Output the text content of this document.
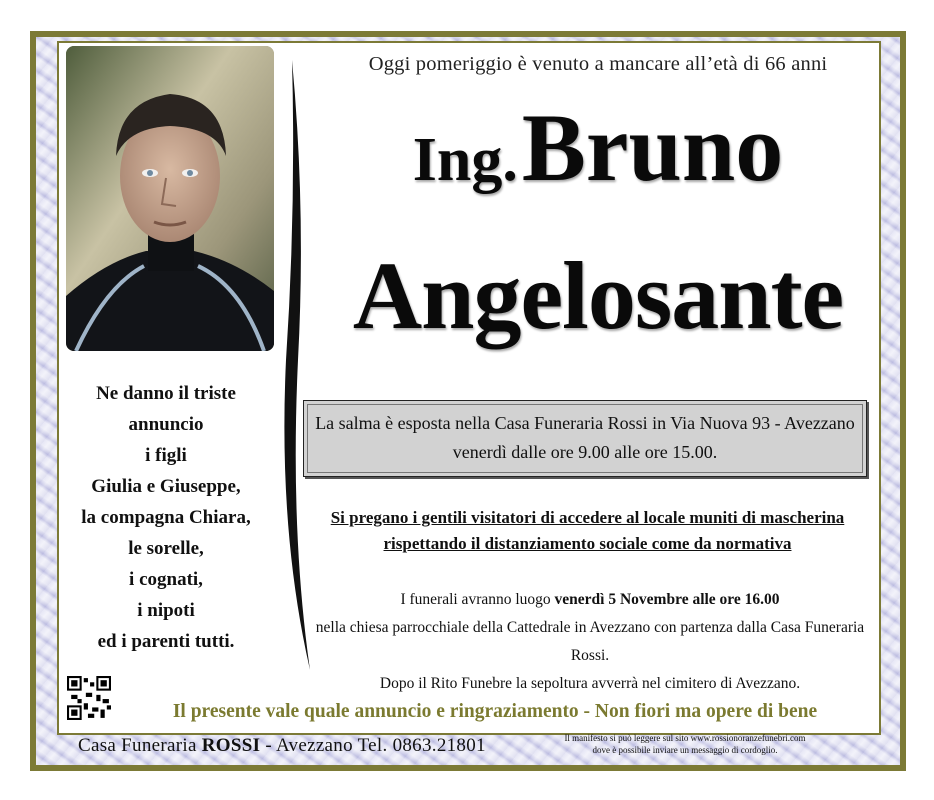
Oggi pomeriggio è venuto a mancare all’età di 66 anni
Ing. Bruno
Angelosante
Ne danno il triste
annuncio
i figli
Giulia e Giuseppe,
la compagna Chiara,
le sorelle,
i cognati,
i nipoti
ed i parenti tutti.
La salma è esposta nella Casa Funeraria Rossi in Via Nuova 93 - Avezzano
venerdì dalle ore 9.00 alle ore 15.00.
Si pregano i gentili visitatori di accedere al locale muniti di mascherina
rispettando il distanziamento sociale come da normativa
I funerali avranno luogo venerdì 5 Novembre alle ore 16.00
nella chiesa parrocchiale della Cattedrale in Avezzano con partenza dalla Casa Funeraria Rossi.
Dopo il Rito Funebre la sepoltura avverrà nel cimitero di Avezzano.
Il presente vale quale annuncio e ringraziamento - Non fiori ma opere di bene
Casa Funeraria ROSSI - Avezzano Tel. 0863.21801	Il manifesto si può leggere sul sito www.rossionoranzefunebri.com
dove è possibile inviare un messaggio di cordoglio.
